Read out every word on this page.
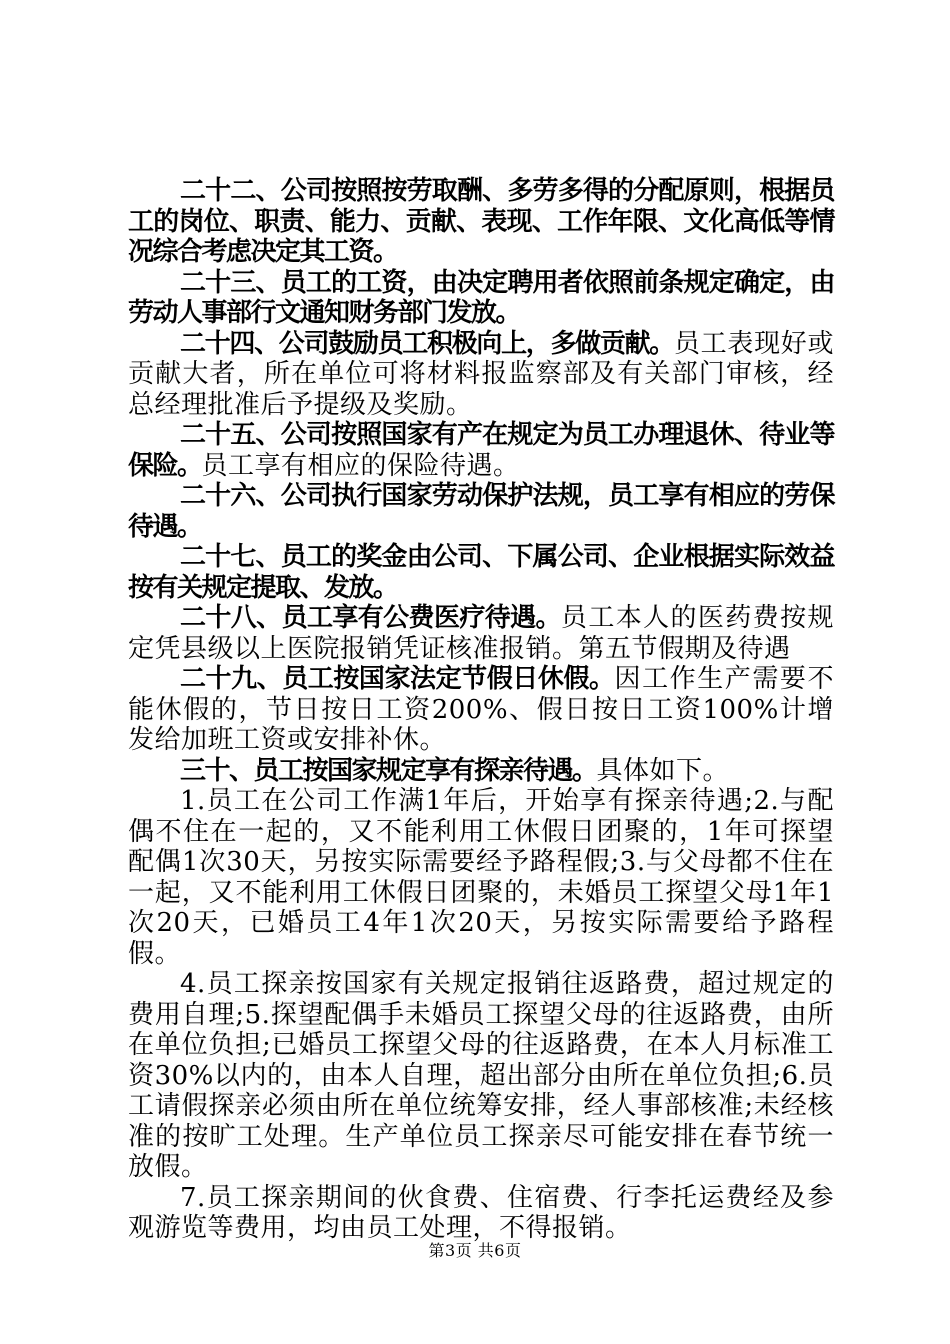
二十二、公司按照按劳取酬、多劳多得的分配原则，根据员工的岗位、职责、能力、贡献、表现、工作年限、文化高低等情况综合考虑决定其工资。

二十三、员工的工资，由决定聘用者依照前条规定确定，由劳动人事部行文通知财务部门发放。

二十四、公司鼓励员工积极向上，多做贡献。员工表现好或贡献大者，所在单位可将材料报监察部及有关部门审核，经总经理批准后予提级及奖励。

二十五、公司按照国家有产在规定为员工办理退休、待业等保险。员工享有相应的保险待遇。

二十六、公司执行国家劳动保护法规，员工享有相应的劳保待遇。

二十七、员工的奖金由公司、下属公司、企业根据实际效益按有关规定提取、发放。

二十八、员工享有公费医疗待遇。员工本人的医药费按规定凭县级以上医院报销凭证核准报销。第五节假期及待遇

二十九、员工按国家法定节假日休假。因工作生产需要不能休假的，节日按日工资200%、假日按日工资100%计增发给加班工资或安排补休。

三十、员工按国家规定享有探亲待遇。具体如下。

1.员工在公司工作满1年后，开始享有探亲待遇;2.与配偶不住在一起的，又不能利用工休假日团聚的，1年可探望配偶1次30天，另按实际需要经予路程假;3.与父母都不住在一起，又不能利用工休假日团聚的，未婚员工探望父母1年1次20天，已婚员工4年1次20天，另按实际需要给予路程假。

4.员工探亲按国家有关规定报销往返路费，超过规定的费用自理;5.探望配偶手未婚员工探望父母的往返路费，由所在单位负担;已婚员工探望父母的往返路费，在本人月标准工资30%以内的，由本人自理，超出部分由所在单位负担;6.员工请假探亲必须由所在单位统筹安排，经人事部核准;未经核准的按旷工处理。生产单位员工探亲尽可能安排在春节统一放假。

7.员工探亲期间的伙食费、住宿费、行李托运费经及参观游览等费用，均由员工处理，不得报销。

第3页 共6页
